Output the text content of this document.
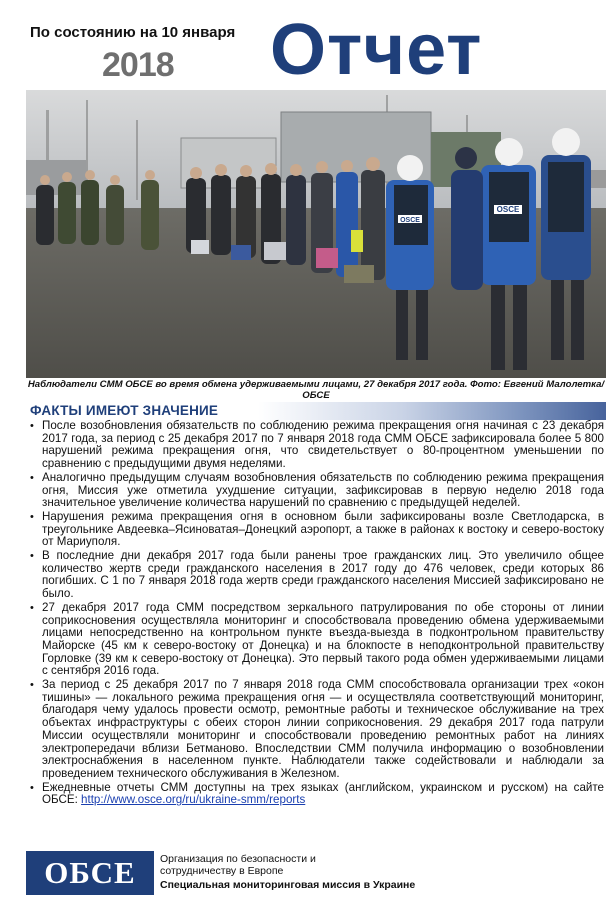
По состоянию на 10 января
2018 Отчет
OSCE
OSCE
Наблюдатели СММ ОБСЕ во время обмена удерживаемыми лицами, 27 декабря 2017 года. Фото: Евгений Малолетка/ОБСЕ
ФАКТЫ ИМЕЮТ ЗНАЧЕНИЕ
• После возобновления обязательств по соблюдению режима прекращения огня начиная с 23 декабря 2017 года, за период с 25 декабря 2017 по 7 января 2018 года СММ ОБСЕ зафиксировала более 5 800 нарушений режима прекращения огня, что свидетельствует о 80-процентном уменьшении по сравнению с предыдущими двумя неделями.
• Аналогично предыдущим случаям возобновления обязательств по соблюдению режима прекращения огня, Миссия уже отметила ухудшение ситуации, зафиксировав в первую неделю 2018 года значительное увеличение количества нарушений по сравнению с предыдущей неделей.
• Нарушения режима прекращения огня в основном были зафиксированы возле Светлодарска, в треугольнике Авдеевка–Ясиноватая–Донецкий аэропорт, а также в районах к востоку и северо-востоку от Мариуполя.
• В последние дни декабря 2017 года были ранены трое гражданских лиц. Это увеличило общее количество жертв среди гражданского населения в 2017 году до 476 человек, среди которых 86 погибших. С 1 по 7 января 2018 года жертв среди гражданского населения Миссией зафиксировано не было.
• 27 декабря 2017 года СММ посредством зеркального патрулирования по обе стороны от линии соприкосновения осуществляла мониторинг и способствовала проведению обмена удерживаемыми лицами непосредственно на контрольном пункте въезда-выезда в подконтрольном правительству Майорске (45 км к северо-востоку от Донецка) и на блокпосте в неподконтрольной правительству Горловке (39 км к северо-востоку от Донецка). Это первый такого рода обмен удерживаемыми лицами с сентября 2016 года.
• За период с 25 декабря 2017 по 7 января 2018 года СММ способствовала организации трех «окон тишины» — локального режима прекращения огня — и осуществляла соответствующий мониторинг, благодаря чему удалось провести осмотр, ремонтные работы и техническое обслуживание на трех объектах инфраструктуры с обеих сторон линии соприкосновения. 29 декабря 2017 года патрули Миссии осуществляли мониторинг и способствовали проведению ремонтных работ на линиях электропередачи вблизи Бетманово. Впоследствии СММ получила информацию о возобновлении электроснабжения в населенном пункте. Наблюдатели также содействовали и наблюдали за проведением технического обслуживания в Железном.
• Ежедневные отчеты СММ доступны на трех языках (английском, украинском и русском) на сайте ОБСЕ: http://www.osce.org/ru/ukraine-smm/reports
ОБСЕ	Организация по безопасности и
сотрудничеству в Европе
Специальная мониторинговая миссия в Украине
